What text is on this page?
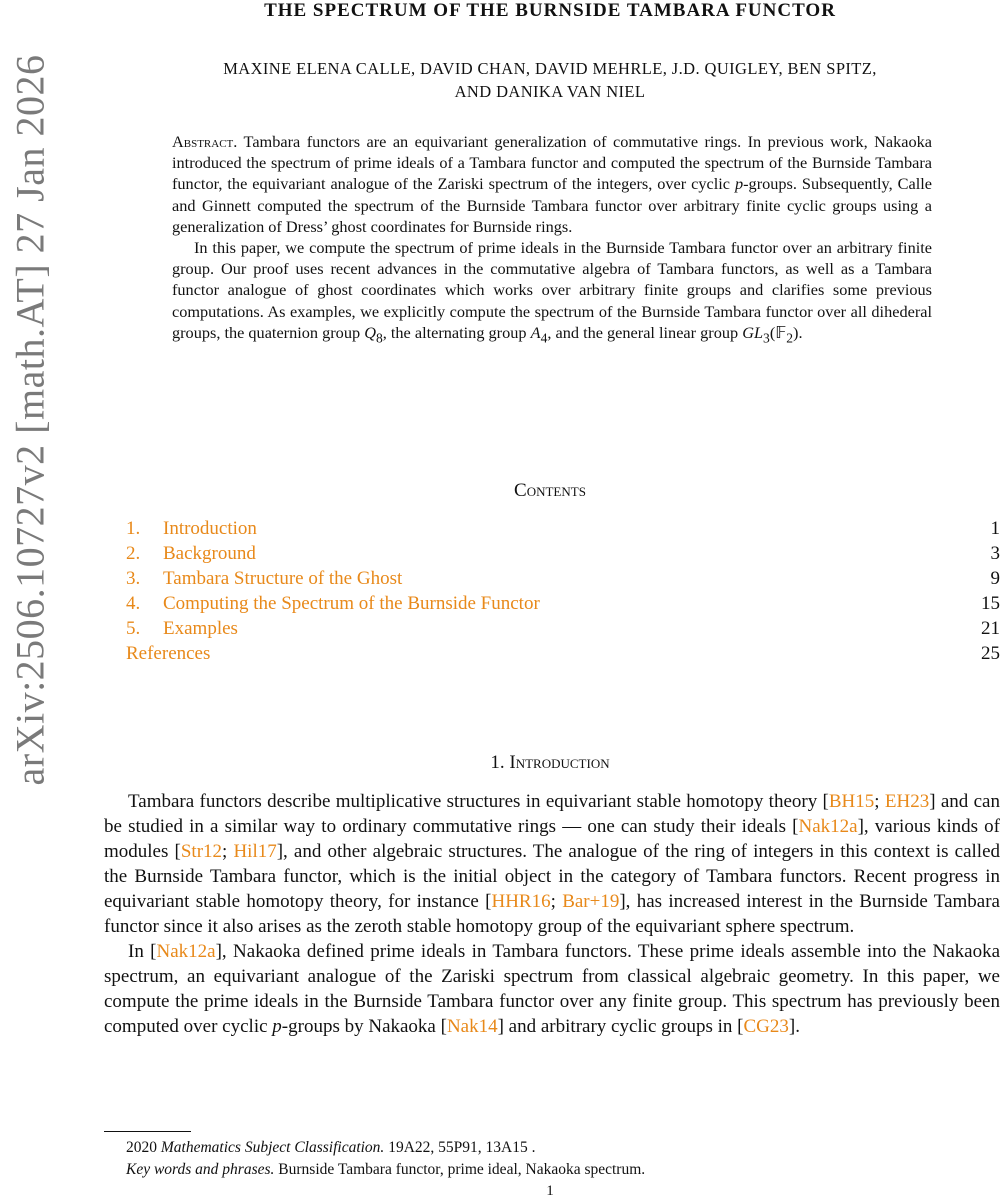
arXiv:2506.10727v2 [math.AT] 27 Jan 2026
THE SPECTRUM OF THE BURNSIDE TAMBARA FUNCTOR
MAXINE ELENA CALLE, DAVID CHAN, DAVID MEHRLE, J.D. QUIGLEY, BEN SPITZ,
AND DANIKA VAN NIEL

Abstract. Tambara functors are an equivariant generalization of commutative rings. In previous work, Nakaoka introduced the spectrum of prime ideals of a Tambara functor and computed the spectrum of the Burnside Tambara functor, the equivariant analogue of the Zariski spectrum of the integers, over cyclic p-groups. Subsequently, Calle and Ginnett computed the spectrum of the Burnside Tambara functor over arbitrary finite cyclic groups using a generalization of Dress’ ghost coordinates for Burnside rings.

In this paper, we compute the spectrum of prime ideals in the Burnside Tambara functor over an arbitrary finite group. Our proof uses recent advances in the commutative algebra of Tambara functors, as well as a Tambara functor analogue of ghost coordinates which works over arbitrary finite groups and clarifies some previous computations. As examples, we explicitly compute the spectrum of the Burnside Tambara functor over all dihederal groups, the quaternion group $Q_8$, the alternating group $A_4$, and the general linear group $GL_3(𝔽_2)$.

Contents
1. Introduction	1
2. Background	3
3. Tambara Structure of the Ghost	9
4. Computing the Spectrum of the Burnside Functor	15
5. Examples	21
References	25
1. Introduction

Tambara functors describe multiplicative structures in equivariant stable homotopy theory [BH15; EH23] and can be studied in a similar way to ordinary commutative rings — one can study their ideals [Nak12a], various kinds of modules [Str12; Hil17], and other algebraic structures. The analogue of the ring of integers in this context is called the Burnside Tambara functor, which is the initial object in the category of Tambara functors. Recent progress in equivariant stable homotopy theory, for instance [HHR16; Bar+19], has increased interest in the Burnside Tambara functor since it also arises as the zeroth stable homotopy group of the equivariant sphere spectrum.

In [Nak12a], Nakaoka defined prime ideals in Tambara functors. These prime ideals assemble into the Nakaoka spectrum, an equivariant analogue of the Zariski spectrum from classical algebraic geometry. In this paper, we compute the prime ideals in the Burnside Tambara functor over any finite group. This spectrum has previously been computed over cyclic p-groups by Nakaoka [Nak14] and arbitrary cyclic groups in [CG23].

2020 Mathematics Subject Classification. 19A22, 55P91, 13A15 .

Key words and phrases. Burnside Tambara functor, prime ideal, Nakaoka spectrum.

1
